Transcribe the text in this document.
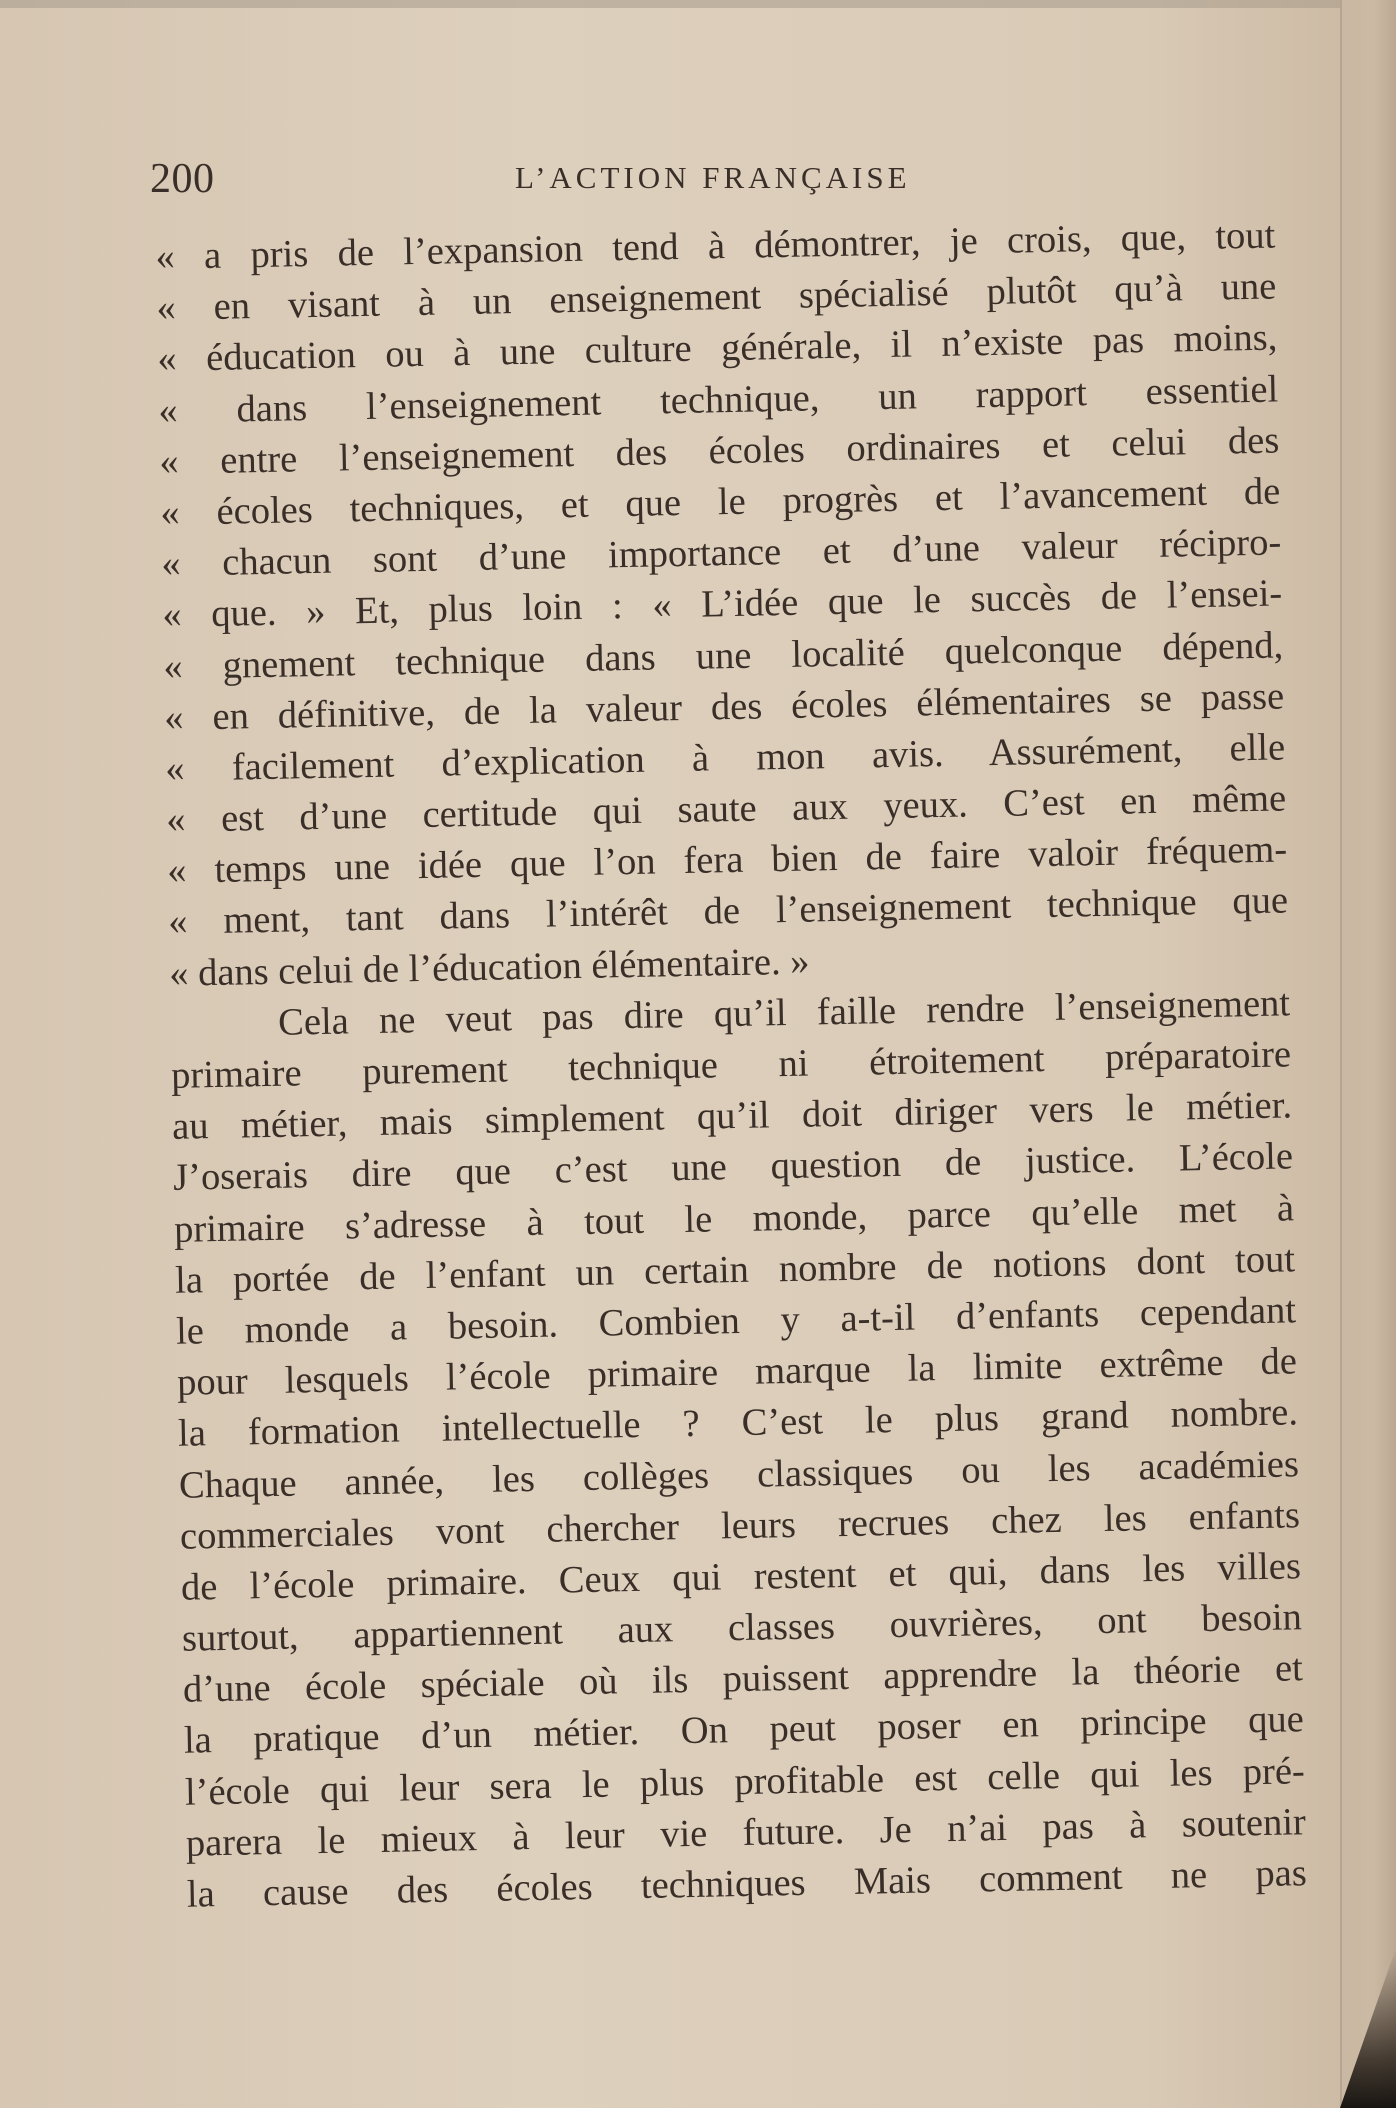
200	L’ACTION FRANÇAISE
« a pris de l’expansion tend à démontrer, je crois, que, tout
« en visant à un enseignement spécialisé plutôt qu’à une
« éducation ou à une culture générale, il n’existe pas moins,
« dans l’enseignement technique, un rapport essentiel
« entre l’enseignement des écoles ordinaires et celui des
« écoles techniques, et que le progrès et l’avancement de
« chacun sont d’une importance et d’une valeur récipro-
« que. » Et, plus loin : « L’idée que le succès de l’ensei-
« gnement technique dans une localité quelconque dépend,
« en définitive, de la valeur des écoles élémentaires se passe
« facilement d’explication à mon avis. Assurément, elle
« est d’une certitude qui saute aux yeux. C’est en même
« temps une idée que l’on fera bien de faire valoir fréquem-
« ment, tant dans l’intérêt de l’enseignement technique que
« dans celui de l’éducation élémentaire. »
Cela ne veut pas dire qu’il faille rendre l’enseignement
primaire purement technique ni étroitement préparatoire
au métier, mais simplement qu’il doit diriger vers le métier.
J’oserais dire que c’est une question de justice. L’école
primaire s’adresse à tout le monde, parce qu’elle met à
la portée de l’enfant un certain nombre de notions dont tout
le monde a besoin. Combien y a-t-il d’enfants cependant
pour lesquels l’école primaire marque la limite extrême de
la formation intellectuelle ? C’est le plus grand nombre.
Chaque année, les collèges classiques ou les académies
commerciales vont chercher leurs recrues chez les enfants
de l’école primaire. Ceux qui restent et qui, dans les villes
surtout, appartiennent aux classes ouvrières, ont besoin
d’une école spéciale où ils puissent apprendre la théorie et
la pratique d’un métier. On peut poser en principe que
l’école qui leur sera le plus profitable est celle qui les pré-
parera le mieux à leur vie future. Je n’ai pas à soutenir
la cause des écoles techniques Mais comment ne pas
